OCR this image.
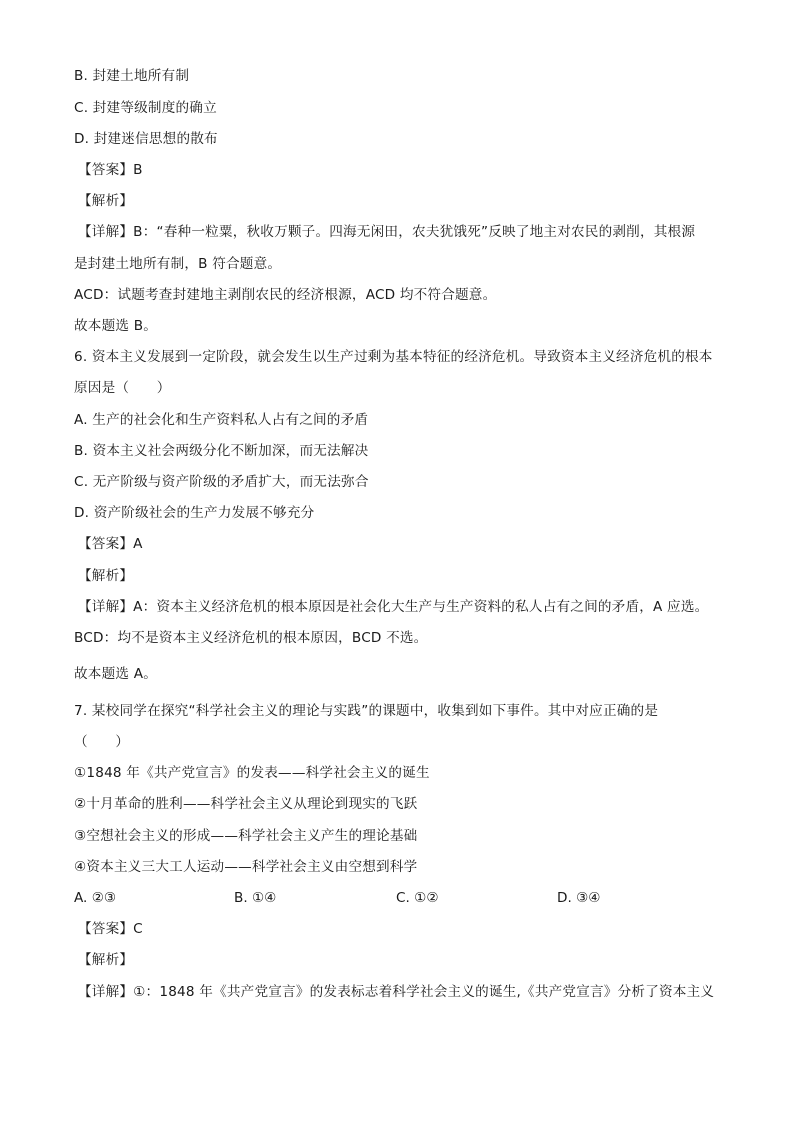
B. 封建土地所有制
C. 封建等级制度的确立
D. 封建迷信思想的散布
【答案】B
【解析】
【详解】B：“春种一粒粟，秋收万颗子。四海无闲田，农夫犹饿死”反映了地主对农民的剥削，其根源
是封建土地所有制，B 符合题意。
ACD：试题考查封建地主剥削农民的经济根源，ACD 均不符合题意。
故本题选 B。
6. 资本主义发展到一定阶段，就会发生以生产过剩为基本特征的经济危机。导致资本主义经济危机的根本
原因是（　　）
A. 生产的社会化和生产资料私人占有之间的矛盾
B. 资本主义社会两级分化不断加深，而无法解决
C. 无产阶级与资产阶级的矛盾扩大，而无法弥合
D. 资产阶级社会的生产力发展不够充分
【答案】A
【解析】
【详解】A：资本主义经济危机的根本原因是社会化大生产与生产资料的私人占有之间的矛盾，A 应选。
BCD：均不是资本主义经济危机的根本原因，BCD 不选。
故本题选 A。
7. 某校同学在探究“科学社会主义的理论与实践”的课题中，收集到如下事件。其中对应正确的是
（　　）
①1848 年《共产党宣言》的发表——科学社会主义的诞生
②十月革命的胜利——科学社会主义从理论到现实的飞跃
③空想社会主义的形成——科学社会主义产生的理论基础
④资本主义三大工人运动——科学社会主义由空想到科学
A. ②③	B. ①④	C. ①②	D. ③④
【答案】C
【解析】
【详解】①：1848 年《共产党宣言》的发表标志着科学社会主义的诞生,《共产党宣言》分析了资本主义
